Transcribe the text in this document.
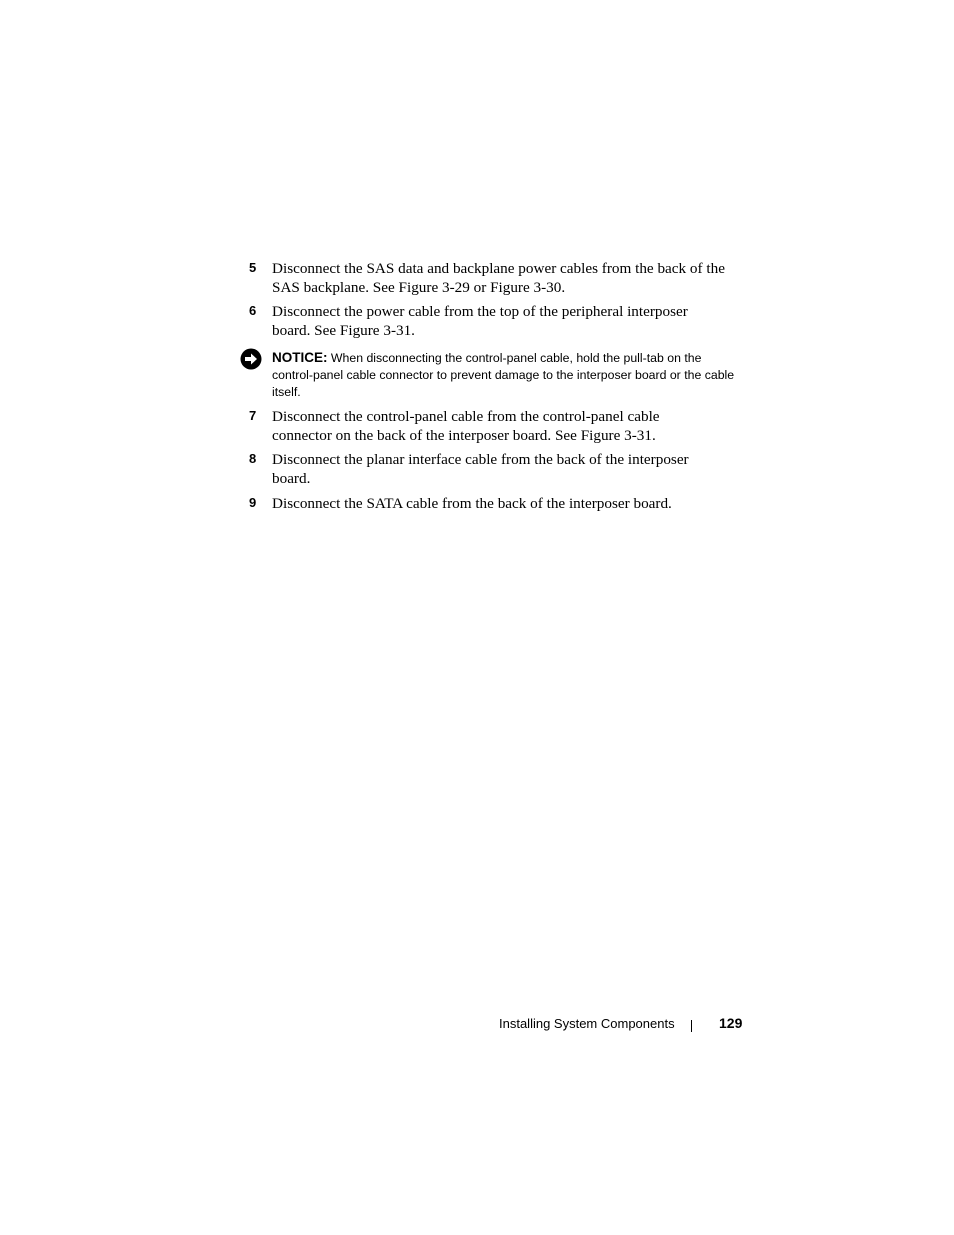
5 Disconnect the SAS data and backplane power cables from the back of the SAS backplane. See Figure 3-29 or Figure 3-30.
6 Disconnect the power cable from the top of the peripheral interposer board. See Figure 3-31.
NOTICE: When disconnecting the control-panel cable, hold the pull-tab on the control-panel cable connector to prevent damage to the interposer board or the cable itself.
7 Disconnect the control-panel cable from the control-panel cable connector on the back of the interposer board. See Figure 3-31.
8 Disconnect the planar interface cable from the back of the interposer board.
9 Disconnect the SATA cable from the back of the interposer board.
Installing System Components	129
